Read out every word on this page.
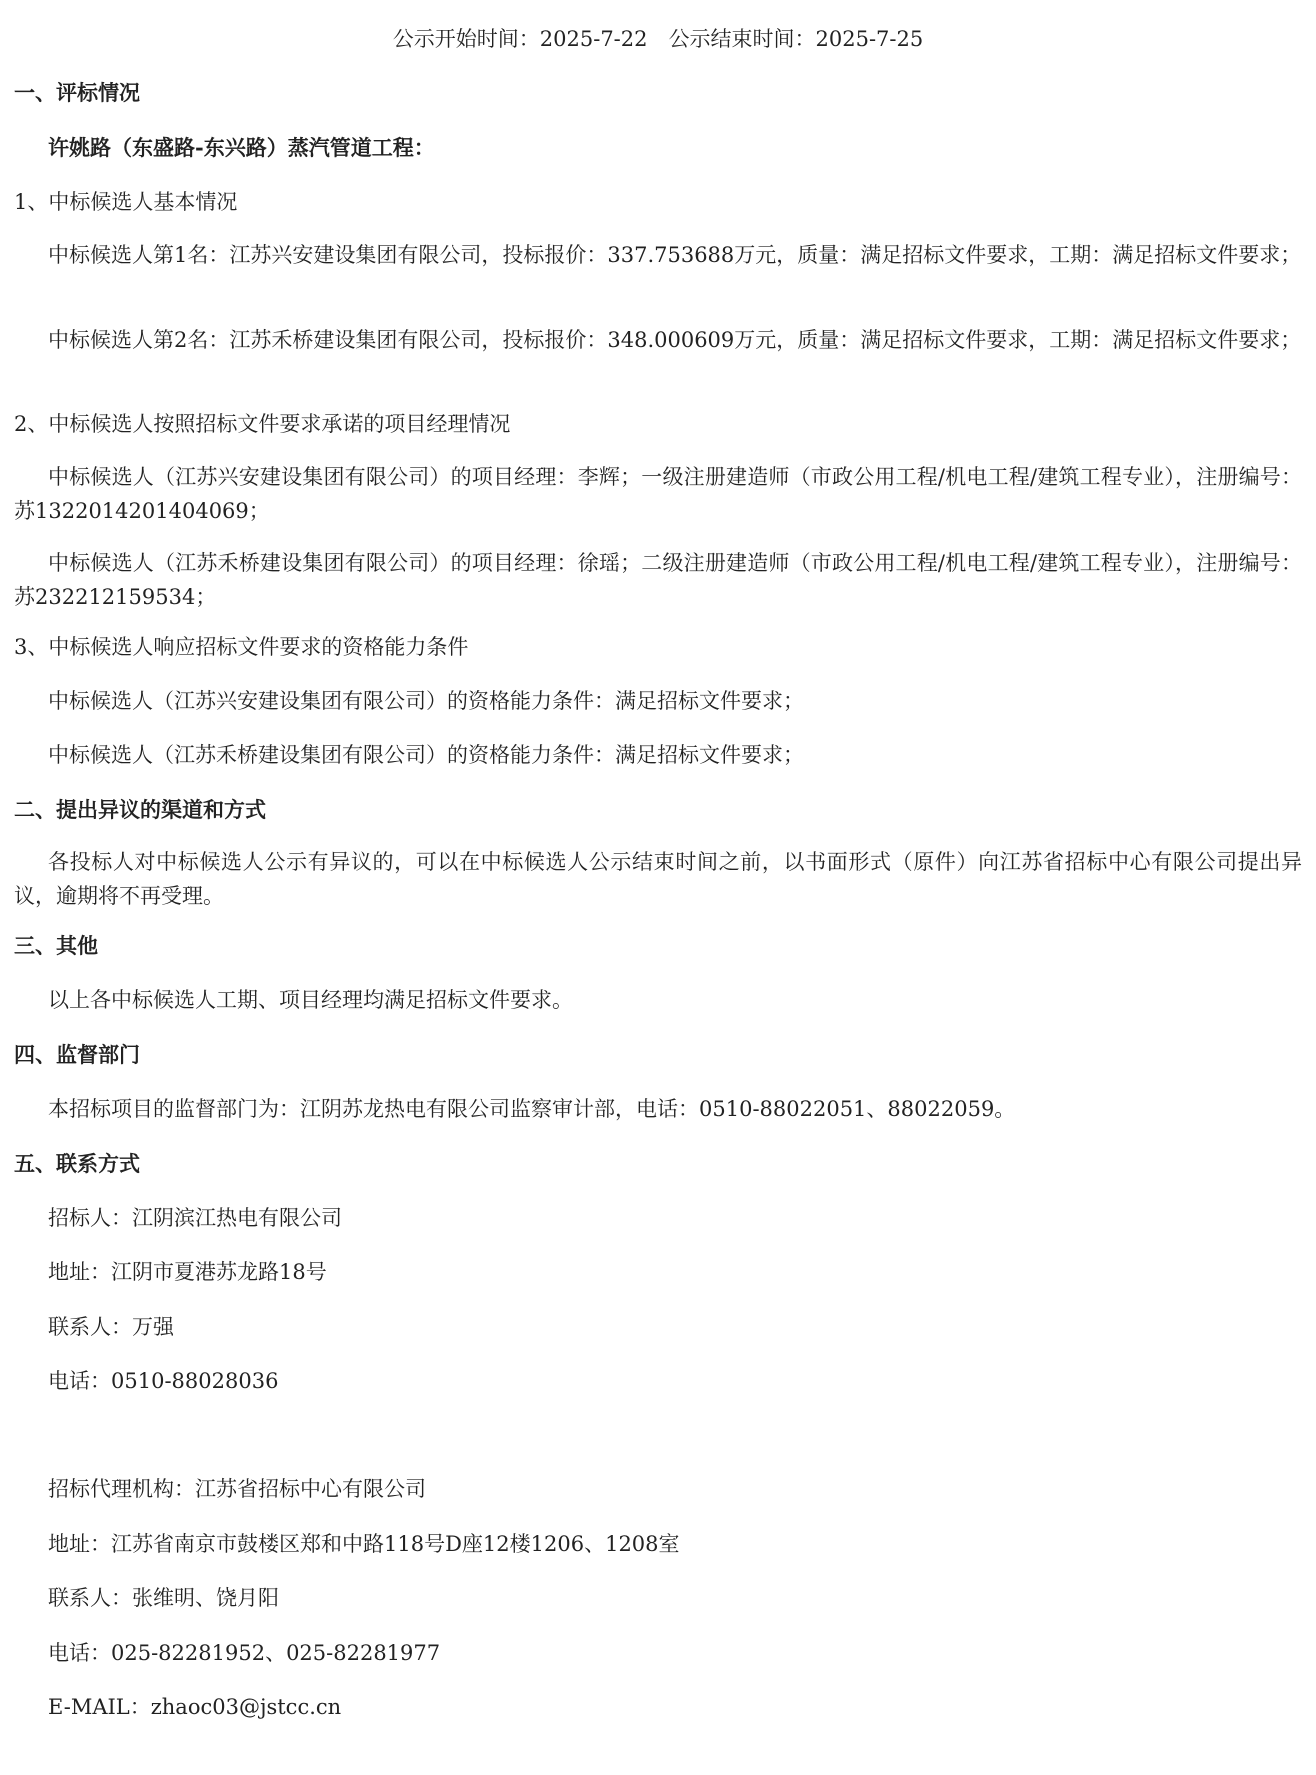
公示开始时间：2025-7-22　公示结束时间：2025-7-25
一、评标情况
许姚路（东盛路-东兴路）蒸汽管道工程：
1、中标候选人基本情况
中标候选人第1名：江苏兴安建设集团有限公司，投标报价：337.753688万元，质量：满足招标文件要求，工期：满足招标文件要求；
中标候选人第2名：江苏禾桥建设集团有限公司，投标报价：348.000609万元，质量：满足招标文件要求，工期：满足招标文件要求；
2、中标候选人按照招标文件要求承诺的项目经理情况
中标候选人（江苏兴安建设集团有限公司）的项目经理：李辉；一级注册建造师（市政公用工程/机电工程/建筑工程专业），注册编号：苏1322014201404069；
中标候选人（江苏禾桥建设集团有限公司）的项目经理：徐瑶；二级注册建造师（市政公用工程/机电工程/建筑工程专业），注册编号：苏232212159534；
3、中标候选人响应招标文件要求的资格能力条件
中标候选人（江苏兴安建设集团有限公司）的资格能力条件：满足招标文件要求；
中标候选人（江苏禾桥建设集团有限公司）的资格能力条件：满足招标文件要求；
二、提出异议的渠道和方式
各投标人对中标候选人公示有异议的，可以在中标候选人公示结束时间之前，以书面形式（原件）向江苏省招标中心有限公司提出异议，逾期将不再受理。
三、其他
以上各中标候选人工期、项目经理均满足招标文件要求。
四、监督部门
本招标项目的监督部门为：江阴苏龙热电有限公司监察审计部，电话：0510-88022051、88022059。
五、联系方式
招标人：江阴滨江热电有限公司
地址：江阴市夏港苏龙路18号
联系人：万强
电话：0510-88028036
招标代理机构：江苏省招标中心有限公司
地址：江苏省南京市鼓楼区郑和中路118号D座12楼1206、1208室
联系人：张维明、饶月阳
电话：025-82281952、025-82281977
E-MAIL：zhaoc03@jstcc.cn
